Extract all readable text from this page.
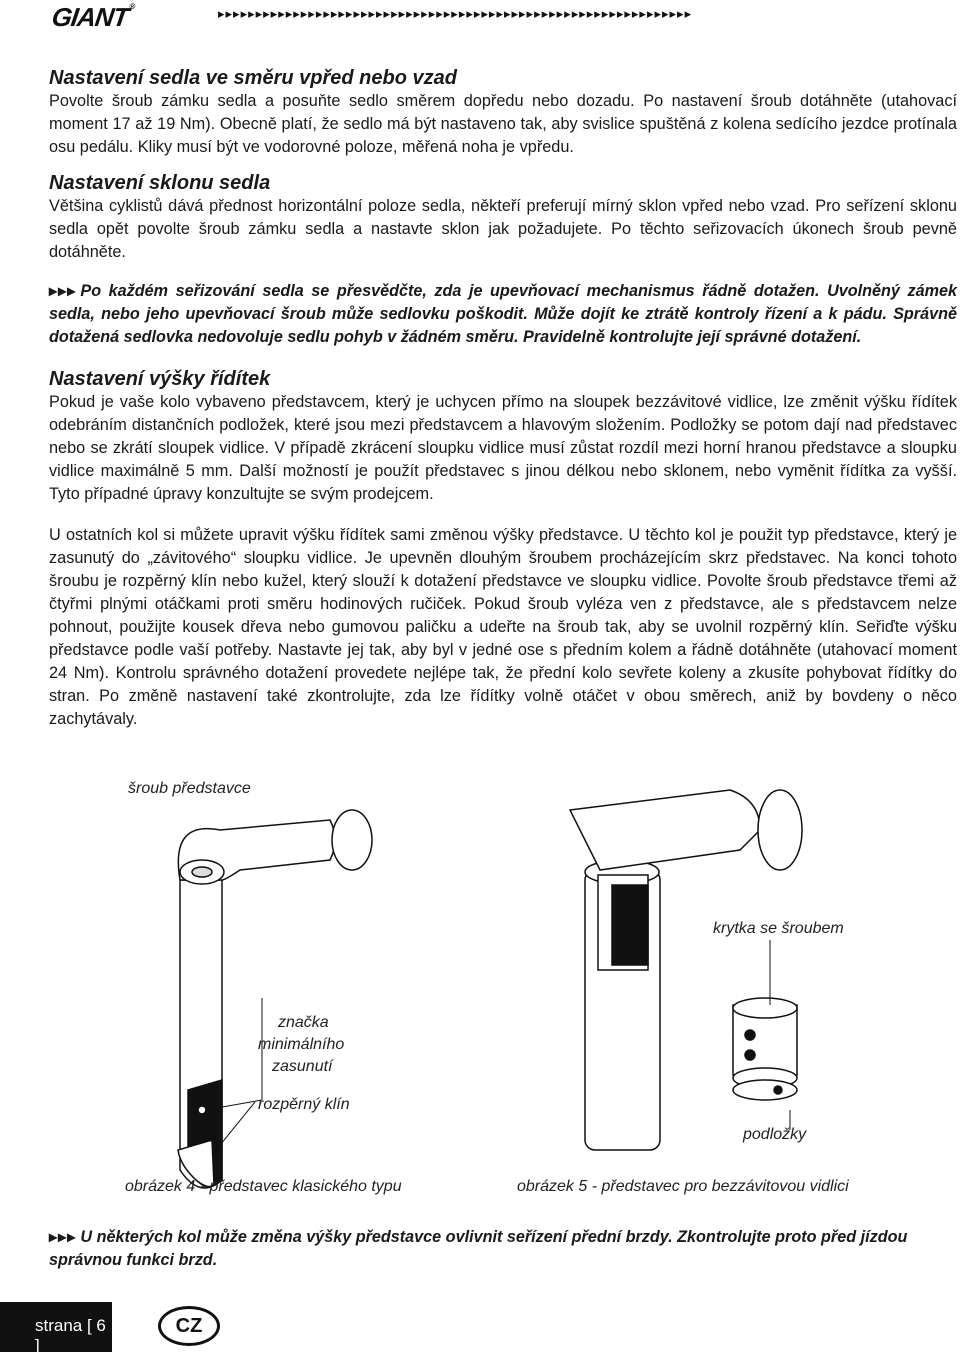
GIANT®	▸▸▸▸▸▸▸▸▸▸▸▸▸▸▸▸▸▸▸▸▸▸▸▸▸▸▸▸▸▸▸▸▸▸▸▸▸▸▸▸▸▸▸▸▸▸▸▸▸▸▸▸▸▸▸▸▸▸▸▸▸▸▸
Nastavení sedla ve směru vpřed nebo vzad

Povolte šroub zámku sedla a posuňte sedlo směrem dopředu nebo dozadu. Po nastavení šroub dotáhněte (utahovací moment 17 až 19 Nm). Obecně platí, že sedlo má být nastaveno tak, aby svislice spuštěná z kolena sedícího jezdce protínala osu pedálu. Kliky musí být ve vodorovné poloze, měřená noha je vpředu.

Nastavení sklonu sedla

Většina cyklistů dává přednost horizontální poloze sedla, někteří preferují mírný sklon vpřed nebo vzad. Pro seřízení sklonu sedla opět povolte šroub zámku sedla a nastavte sklon jak požadujete. Po těchto seřizovacích úkonech šroub pevně dotáhněte.

▸▸▸ Po každém seřizování sedla se přesvědčte, zda je upevňovací mechanismus řádně dotažen. Uvolněný zámek sedla, nebo jeho upevňovací šroub může sedlovku poškodit. Může dojít ke ztrátě kontroly řízení a k pádu. Správně dotažená sedlovka nedovoluje sedlu pohyb v žádném směru. Pravidelně kontrolujte její správné dotažení.
Nastavení výšky řídítek

Pokud je vaše kolo vybaveno představcem, který je uchycen přímo na sloupek bezzávitové vidlice, lze změnit výšku řídítek odebráním distančních podložek, které jsou mezi představcem a hlavovým složením. Podložky se potom dají nad představec nebo se zkrátí sloupek vidlice. V případě zkrácení sloupku vidlice musí zůstat rozdíl mezi horní hranou představce a sloupku vidlice maximálně 5 mm. Další možností je použít představec s jinou délkou nebo sklonem, nebo vyměnit řídítka za vyšší. Tyto případné úpravy konzultujte se svým prodejcem.

U ostatních kol si můžete upravit výšku řídítek sami změnou výšky představce. U těchto kol je použit typ představce, který je zasunutý do „závitového“ sloupku vidlice. Je upevněn dlouhým šroubem procházejícím skrz představec. Na konci tohoto šroubu je rozpěrný klín nebo kužel, který slouží k dotažení představce ve sloupku vidlice. Povolte šroub představce třemi až čtyřmi plnými otáčkami proti směru hodinových ručiček. Pokud šroub vyléza ven z představce, ale s představcem nelze pohnout, použijte kousek dřeva nebo gumovou paličku a udeřte na šroub tak, aby se uvolnil rozpěrný klín. Seřiďte výšku představce podle vaší potřeby. Nastavte jej tak, aby byl v jedné ose s předním kolem a řádně dotáhněte (utahovací moment 24 Nm). Kontrolu správného dotažení provedete nejlépe tak, že přední kolo sevřete koleny a zkusíte pohybovat řídítky do stran. Po změně nastavení také zkontrolujte, zda lze řídítky volně otáčet v obou směrech, aniž by bovdeny o něco zachytávaly.

šroub představce
krytka se šroubem
značka
minimálního
zasunutí
rozpěrný klín
podložky
obrázek 4 - představec klasického typu	obrázek 5 - představec pro bezzávitovou vidlici
▸▸▸ U některých kol může změna výšky představce ovlivnit seřízení přední brzdy. Zkontrolujte proto před jízdou správnou funkci brzd.
strana [ 6 ]
CZ
